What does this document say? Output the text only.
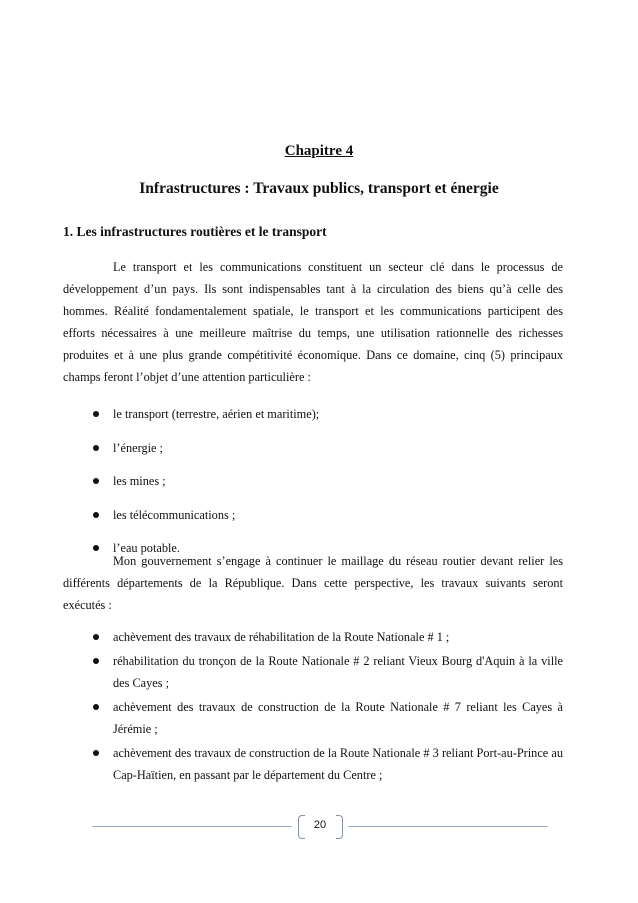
Chapitre 4
Infrastructures : Travaux publics, transport et énergie
1. Les infrastructures routières et le transport

Le transport et les communications constituent un secteur clé dans le processus de développement d’un pays. Ils sont indispensables tant à la circulation des biens qu’à celle des hommes. Réalité fondamentalement spatiale, le transport et les communications participent des efforts nécessaires à une meilleure maîtrise du temps, une utilisation rationnelle des richesses produites et à une plus grande compétitivité économique. Dans ce domaine, cinq (5) principaux champs feront l’objet d’une attention particulière :

le transport (terrestre, aérien et maritime);
l’énergie ;
les mines ;
les télécommunications ;
l’eau potable.

Mon gouvernement s’engage à continuer le maillage du réseau routier devant relier les différents départements de la République. Dans cette perspective, les travaux suivants seront exécutés :

achèvement des travaux de réhabilitation de la Route Nationale # 1 ;
réhabilitation du tronçon de la Route Nationale # 2 reliant Vieux Bourg d'Aquin à la ville des Cayes ;
achèvement des travaux de construction de la Route Nationale # 7 reliant les Cayes à Jérémie ;
achèvement des travaux de construction de la Route Nationale # 3 reliant Port-au-Prince au Cap-Haïtien, en passant par le département du Centre ;
20
